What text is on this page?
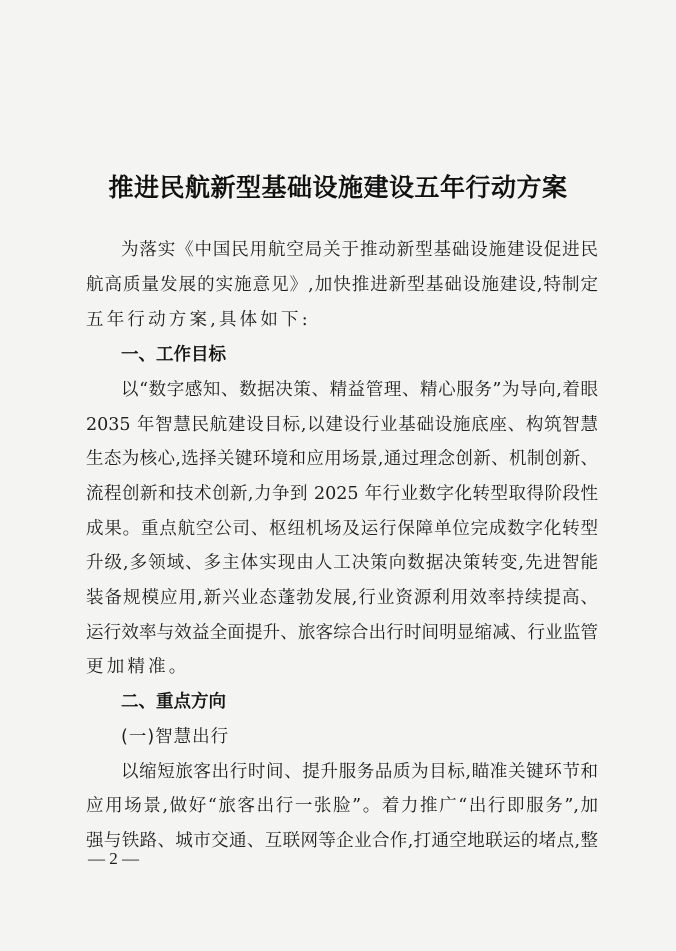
推进民航新型基础设施建设五年行动方案
为落实《中国民用航空局关于推动新型基础设施建设促进民
航高质量发展的实施意见》,加快推进新型基础设施建设,特制定
五年行动方案,具体如下:
一、工作目标
以“数字感知、数据决策、精益管理、精心服务”为导向,着眼
2035 年智慧民航建设目标,以建设行业基础设施底座、构筑智慧
生态为核心,选择关键环境和应用场景,通过理念创新、机制创新、
流程创新和技术创新,力争到 2025 年行业数字化转型取得阶段性
成果。重点航空公司、枢纽机场及运行保障单位完成数字化转型
升级,多领域、多主体实现由人工决策向数据决策转变,先进智能
装备规模应用,新兴业态蓬勃发展,行业资源利用效率持续提高、
运行效率与效益全面提升、旅客综合出行时间明显缩减、行业监管
更加精准。
二、重点方向
(一)智慧出行
以缩短旅客出行时间、提升服务品质为目标,瞄准关键环节和
应用场景,做好“旅客出行一张脸”。着力推广“出行即服务”,加
强与铁路、城市交通、互联网等企业合作,打通空地联运的堵点,整
— 2 —
